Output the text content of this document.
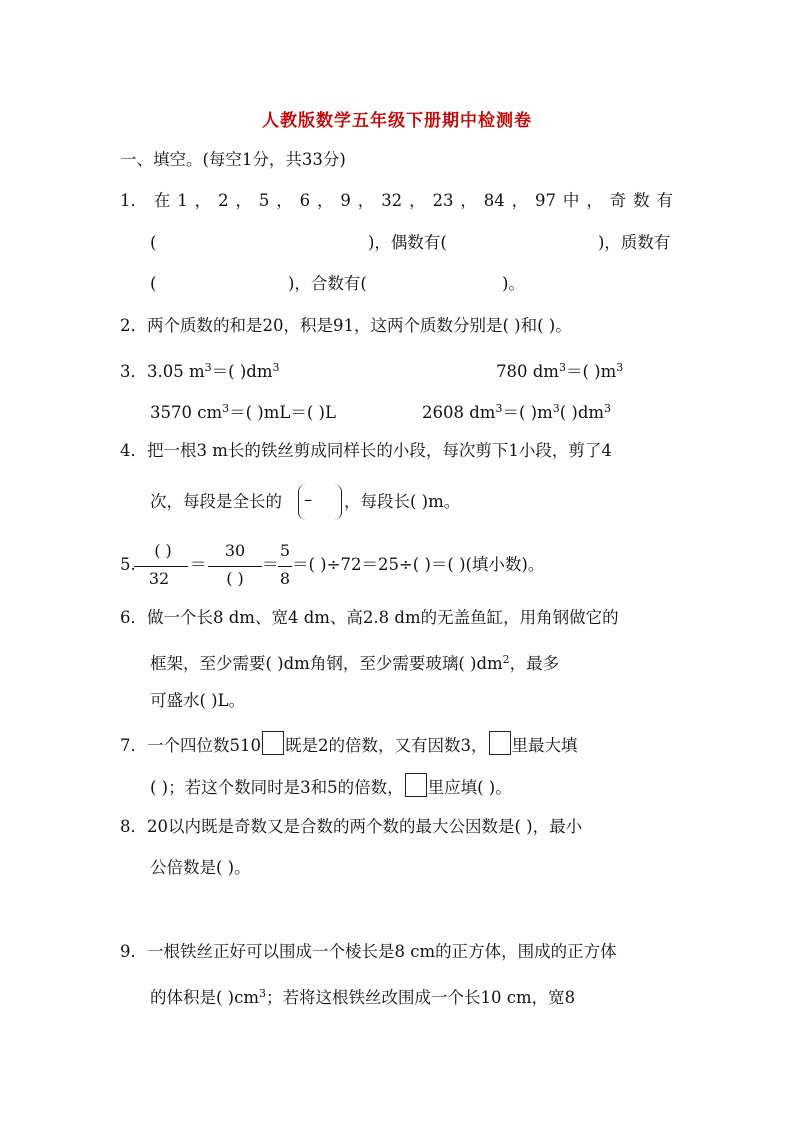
人教版数学五年级下册期中检测卷
一、填空。(每空1分，共33分)
1． 在 1 ， 2 ， 5 ， 6 ， 9 ， 32 ， 23 ， 84 ， 97 中 ， 奇 数 有
(	)，偶数有(	)，质数有
(	)，合数有(	)。
2．两个质数的和是20，积是91，这两个质数分别是( )和( )。
3．3.05 $m^3=$( )$dm^3$	780 $dm^3=$( )$m^3$
3570 $cm^3=$( )mL＝( )L	2608 $dm^3=$( )$m^3$( )$dm^3$
4．把一根3 m长的铁丝剪成同样长的小段，每次剪下1小段，剪了4
次，每段是全长的 – ，每段长( )m。
5.
( )
32
＝
30
( )
＝
5
8
＝( )÷72＝25÷( )＝( )(填小数)。
6．做一个长8 dm、宽4 dm、高2.8 dm的无盖鱼缸，用角钢做它的
框架，至少需要( )dm角钢，至少需要玻璃( )$dm^2$，最多
可盛水( )L。
7．一个四位数510 既是2的倍数，又有因数3， 里最大填
( )；若这个数同时是3和5的倍数， 里应填( )。
8．20以内既是奇数又是合数的两个数的最大公因数是( )，最小
公倍数是( )。
9．一根铁丝正好可以围成一个棱长是8 cm的正方体，围成的正方体
的体积是( )$cm^3$；若将这根铁丝改围成一个长10 cm，宽8
